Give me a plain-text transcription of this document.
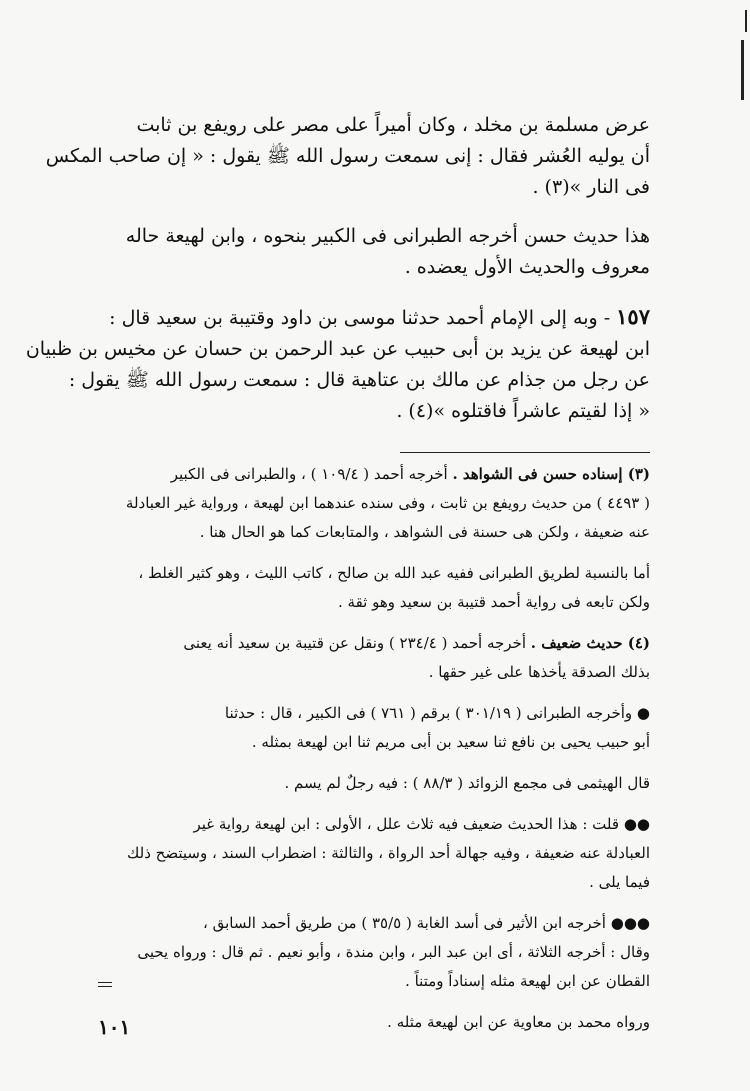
عرض مسلمة بن مخلد ، وكان أميراً على مصر على رويفع بن ثابت
أن يوليه العُشر فقال : إنى سمعت رسول الله ﷺ يقول : « إن صاحب المكس
فى النار »(٣) .

هذا حديث حسن أخرجه الطبرانى فى الكبير بنحوه ، وابن لهيعة حاله
معروف والحديث الأول يعضده .

١٥٧ - وبه إلى الإمام أحمد حدثنا موسى بن داود وقتيبة بن سعيد قال :
ابن لهيعة عن يزيد بن أبى حبيب عن عبد الرحمن بن حسان عن مخيس بن ظبيان
عن رجل من جذام عن مالك بن عتاهية قال : سمعت رسول الله ﷺ يقول :
« إذا لقيتم عاشراً فاقتلوه »(٤) .

(٣) إسناده حسن فى الشواهد . أخرجه أحمد ( ١٠٩/٤ ) ، والطبرانى فى الكبير
( ٤٤٩٣ ) من حديث رويفع بن ثابت ، وفى سنده عندهما ابن لهيعة ، ورواية غير العبادلة
عنه ضعيفة ، ولكن هى حسنة فى الشواهد ، والمتابعات كما هو الحال هنا .

أما بالنسبة لطريق الطبرانى ففيه عبد الله بن صالح ، كاتب الليث ، وهو كثير الغلط ،
ولكن تابعه فى رواية أحمد قتيبة بن سعيد وهو ثقة .

(٤) حديث ضعيف . أخرجه أحمد ( ٢٣٤/٤ ) ونقل عن قتيبة بن سعيد أنه يعنى
بذلك الصدقة يأخذها على غير حقها .

● وأخرجه الطبرانى ( ٣٠١/١٩ ) برقم ( ٧٦١ ) فى الكبير ، قال : حدثنا
أبو حبيب يحيى بن نافع ثنا سعيد بن أبى مريم ثنا ابن لهيعة بمثله .

قال الهيثمى فى مجمع الزوائد ( ٨٨/٣ ) : فيه رجلٌ لم يسم .

●● قلت : هذا الحديث ضعيف فيه ثلاث علل ، الأولى : ابن لهيعة رواية غير
العبادلة عنه ضعيفة ، وفيه جهالة أحد الرواة ، والثالثة : اضطراب السند ، وسيتضح ذلك
فيما يلى .

●●● أخرجه ابن الأثير فى أسد الغابة ( ٣٥/٥ ) من طريق أحمد السابق ،
وقال : أخرجه الثلاثة ، أى ابن عبد البر ، وابن مندة ، وأبو نعيم . ثم قال : ورواه يحيى
القطان عن ابن لهيعة مثله إسناداً ومتناً .

ورواه محمد بن معاوية عن ابن لهيعة مثله .

١٠١
